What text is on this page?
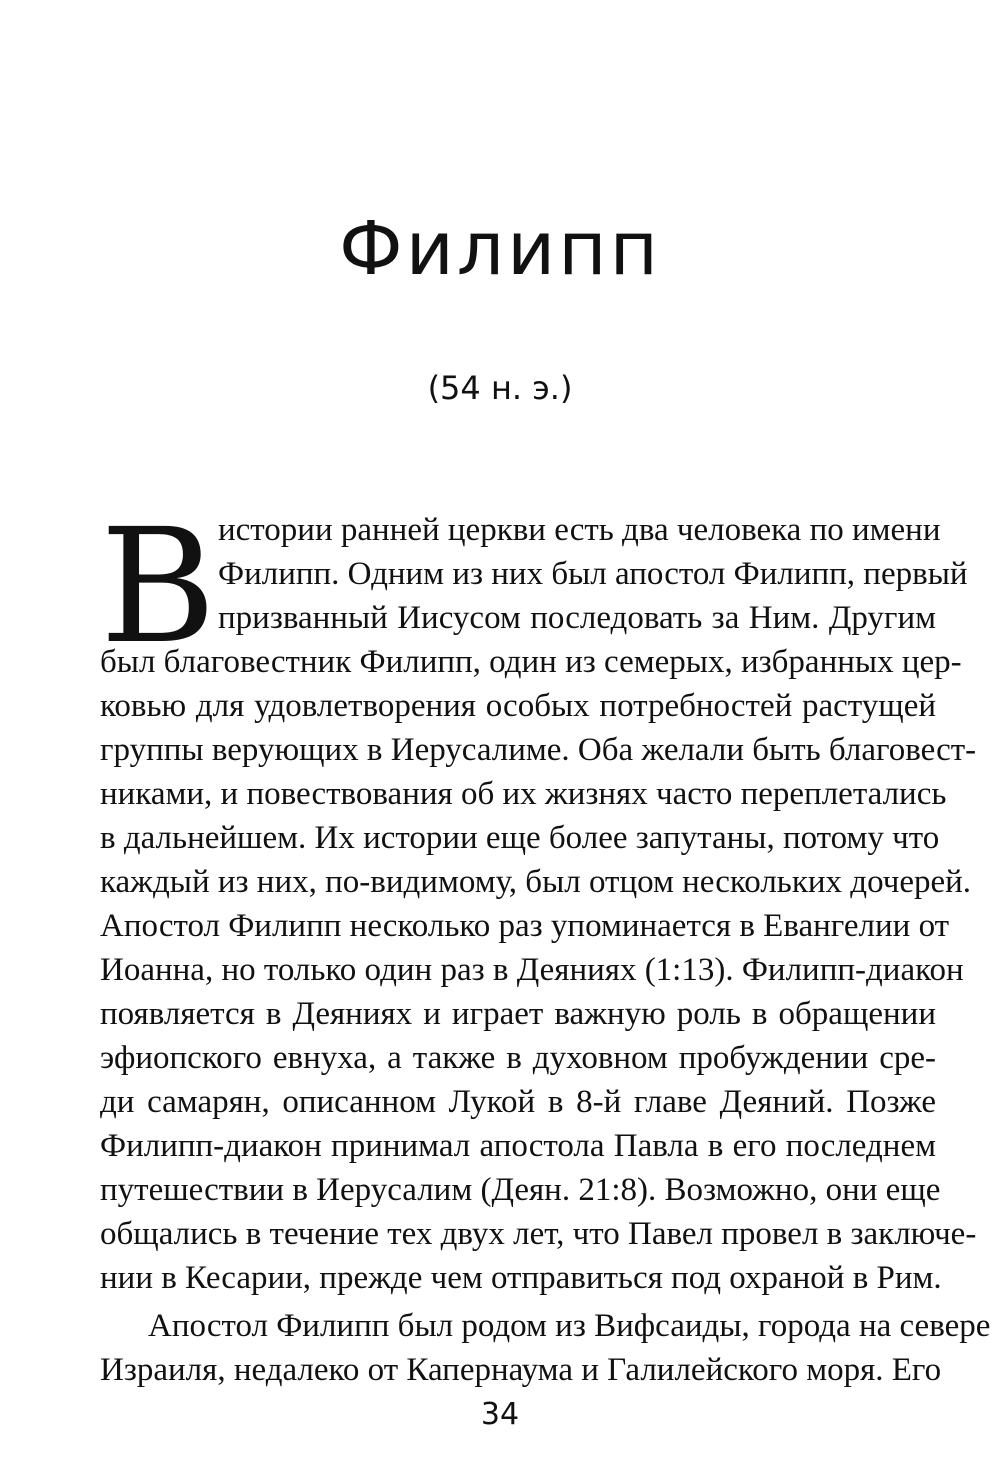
Филипп
(54 н. э.)
В истории ранней церкви есть два человека по имени
Филипп. Одним из них был апостол Филипп, первый
призванный Иисусом последовать за Ним. Другим
был благовестник Филипп, один из семерых, избранных цер-
ковью для удовлетворения особых потребностей растущей
группы верующих в Иерусалиме. Оба желали быть благовест-
никами, и повествования об их жизнях часто переплетались
в дальнейшем. Их истории еще более запутаны, потому что
каждый из них, по-видимому, был отцом нескольких дочерей.
Апостол Филипп несколько раз упоминается в Евангелии от
Иоанна, но только один раз в Деяниях (1:13). Филипп-диакон
появляется в Деяниях и играет важную роль в обращении
эфиопского евнуха, а также в духовном пробуждении сре-
ди самарян, описанном Лукой в 8-й главе Деяний. Позже
Филипп-диакон принимал апостола Павла в его последнем
путешествии в Иерусалим (Деян. 21:8). Возможно, они еще
общались в течение тех двух лет, что Павел провел в заключе-
нии в Кесарии, прежде чем отправиться под охраной в Рим.
Апостол Филипп был родом из Вифсаиды, города на севере
Израиля, недалеко от Капернаума и Галилейского моря. Его
34
